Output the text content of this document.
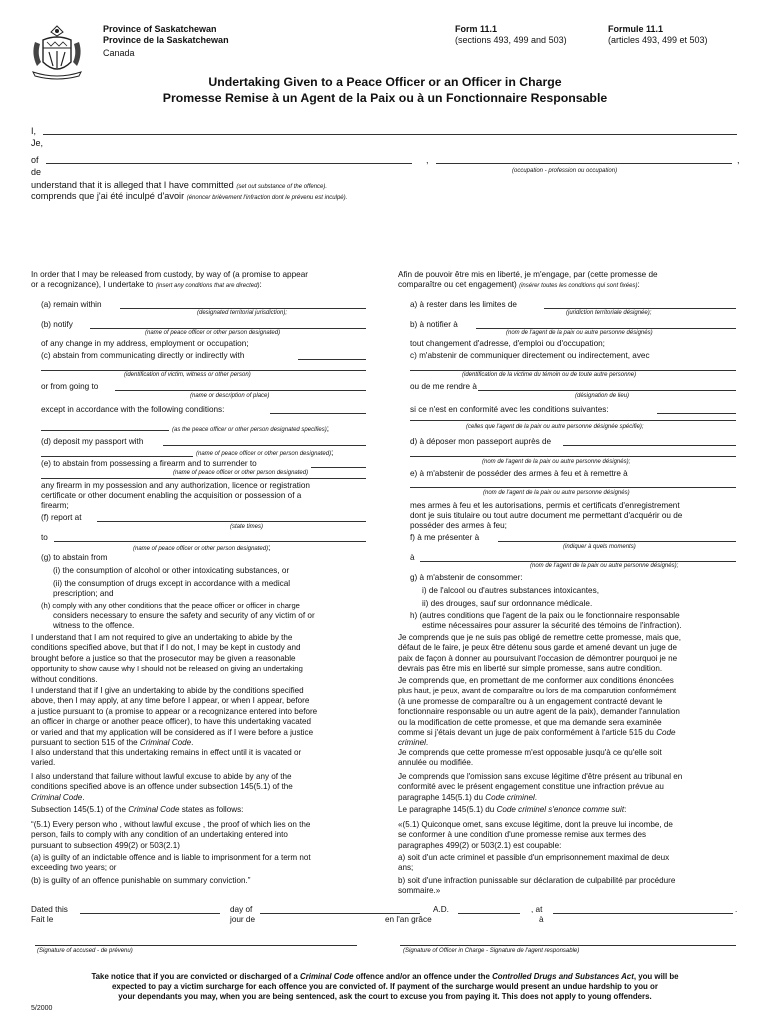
Province of Saskatchewan
Province de la Saskatchewan
Canada
Form 11.1
(sections 493, 499 and 503)
Formule 11.1
(articles 493, 499 et 503)
Undertaking Given to a Peace Officer or an Officer in Charge
Promesse Remise à un Agent de la Paix ou à un Fonctionnaire Responsable
I,
Je,
of	,	,
de	(occupation - profession ou occupation)
understand that it is alleged that I have committed (set out substance of the offence).
comprends que j'ai été inculpé d'avoir (énoncer brièvement l'infraction dont le prévenu est inculpé).
In order that I may be released from custody, by way of (a promise to appear
or a recognizance), I undertake to (insert any conditions that are directed):
(a) remain within
(designated territorial jurisdiction);
(b) notify
(name of peace officer or other person designated)
of any change in my address, employment or occupation;
(c) abstain from communicating directly or indirectly with
(identification of victim, witness or other person)
or from going to
(name or description of place)
except in accordance with the following conditions:
(as the peace officer or other person designated specifies);
(d) deposit my passport with
(name of peace officer or other person designated);
(e) to abstain from possessing a firearm and to surrender to
(name of peace officer or other person designated)
any firearm in my possession and any authorization, licence or registration
certificate or other document enabling the acquisition or possession of a
firearm;
(f) report at
(state times)
to
(name of peace officer or other person designated);
(g) to abstain from
(i) the consumption of alcohol or other intoxicating substances, or
(ii) the consumption of drugs except in accordance with a medical
prescription; and
(h) comply with any other conditions that the peace officer or officer in charge
considers necessary to ensure the safety and security of any victim of or
witness to the offence.
I understand that I am not required to give an undertaking to abide by the
conditions specified above, but that if I do not, I may be kept in custody and
brought before a justice so that the prosecutor may be given a reasonable
opportunity to show cause why I should not be released on giving an undertaking
without conditions.
I understand that if I give an undertaking to abide by the conditions specified
above, then I may apply, at any time before I appear, or when I appear, before
a justice pursuant to (a promise to appear or a recognizance entered into before
an officer in charge or another peace officer), to have this undertaking vacated
or varied and that my application will be considered as if I were before a justice
pursuant to section 515 of the Criminal Code.
I also understand that this undertaking remains in effect until it is vacated or
varied.
I also understand that failure without lawful excuse to abide by any of the
conditions specified above is an offence under subsection 145(5.1) of the
Criminal Code.
Subsection 145(5.1) of the Criminal Code states as follows:
“(5.1) Every person who , without lawful excuse , the proof of which lies on the
person, fails to comply with any condition of an undertaking entered into
pursuant to subsection 499(2) or 503(2.1)
(a) is guilty of an indictable offence and is liable to imprisonment for a term not
exceeding two years; or
(b) is guilty of an offence punishable on summary conviction.”
Afin de pouvoir être mis en liberté, je m'engage, par (cette promesse de
comparaître ou cet engagement) (insérer toutes les conditions qui sont fixées):
a) à rester dans les limites de
(juridiction territoriale désignée);
b) à notifier à
(nom de l'agent de la paix ou autre personne désignés)
tout changement d'adresse, d'emploi ou d'occupation;
c) m'abstenir de communiquer directement ou indirectement, avec
(identification de la victime du témoin ou de toute autre personne)
ou de me rendre à
(désignation de lieu)
si ce n'est en conformité avec les conditions suivantes:
(celles que l'agent de la paix ou autre personne désignée spécifie);
d) à déposer mon passeport auprès de
(nom de l'agent de la paix ou autre personne désignés);
e) à m'abstenir de posséder des armes à feu et à remettre à
(nom de l'agent de la paix ou autre personne désignés)
mes armes à feu et les autorisations, permis et certificats d'enregistrement
dont je suis titulaire ou tout autre document me permettant d'acquérir ou de
posséder des armes à feu;
f) à me présenter à
(indiquer à quels moments)
à
(nom de l'agent de la paix ou autre personne désignés);
g) à m'abstenir de consommer:
i) de l'alcool ou d'autres substances intoxicantes,
ii) des drouges, sauf sur ordonnance médicale.
h) (autres conditions que l'agent de la paix ou le fonctionnaire responsable
estime nécessaires pour assurer la sécurité des témoins de l'infraction).
Je comprends que je ne suis pas obligé de remettre cette promesse, mais que,
défaut de le faire, je peux être détenu sous garde et amené devant un juge de
paix de façon à donner au poursuivant l'occasion de démontrer pourquoi je ne
devrais pas être mis en liberté sur simple promesse, sans autre condition.
Je comprends que, en promettant de me conformer aux conditions énoncées
plus haut, je peux, avant de comparaître ou lors de ma comparution conformément
(à une promesse de comparaître ou à un engagement contracté devant le
fonctionnaire responsable ou un autre agent de la paix), demander l'annulation
ou la modification de cette promesse, et que ma demande sera examinée
comme si j'étais devant un juge de paix conformément à l'article 515 du Code
criminel.
Je comprends que cette promesse m'est opposable jusqu'à ce qu'elle soit
annulée ou modifiée.
Je comprends que l'omission sans excuse légitime d'être présent au tribunal en
conformité avec le présent engagement constitue une infraction prévue au
paragraphe 145(5.1) du Code criminel.
Le paragraphe 145(5.1) du Code criminel s'enonce comme suit:
«(5.1) Quiconque omet, sans excuse légitime, dont la preuve lui incombe, de
se conformer à une condition d'une promesse remise aux termes des
paragraphes 499(2) or 503(2.1) est coupable:
a) soit d'un acte criminel et passible d'un emprisonnement maximal de deux
ans;
b) soit d'une infraction punissable sur déclaration de culpabilité par procédure
sommaire.»
Dated this
Fait le
day of
jour de
A.D.
en l'an grâce
, at
à
.
(Signature of accused - de prévenu)	(Signature of Officer in Charge - Signature de l'agent responsable)
Take notice that if you are convicted or discharged of a Criminal Code offence and/or an offence under the Controlled Drugs and Substances Act, you will be
expected to pay a victim surcharge for each offence you are convicted of. If payment of the surcharge would present an undue hardship to you or
your dependants you may, when you are being sentenced, ask the court to excuse you from paying it. This does not apply to young offenders.
5/2000
